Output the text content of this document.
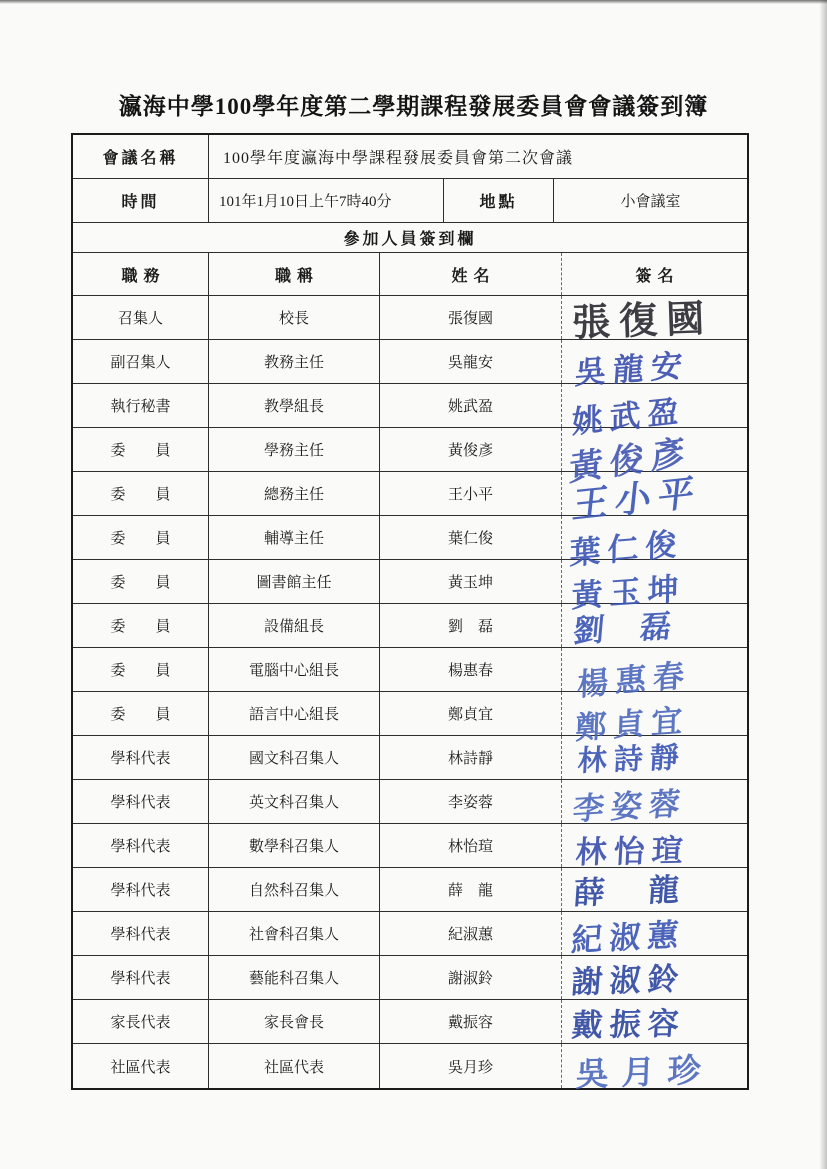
瀛海中學100學年度第二學期課程發展委員會會議簽到簿
會議名稱	100學年度瀛海中學課程發展委員會第二次會議
時間	101年1月10日上午7時40分	地點	小會議室
參加人員簽到欄
職務	職稱	姓名	簽名
召集人	校長	張復國	張復國
副召集人	教務主任	吳龍安	吳龍安
執行秘書	教學組長	姚武盈	姚武盈
委　　員	學務主任	黃俊彥	黃俊彥
委　　員	總務主任	王小平	王小平
委　　員	輔導主任	葉仁俊	葉仁俊
委　　員	圖書館主任	黃玉坤	黃玉坤
委　　員	設備組長	劉　磊	劉 磊
委　　員	電腦中心組長	楊惠春	楊惠春
委　　員	語言中心組長	鄭貞宜	鄭貞宜
學科代表	國文科召集人	林詩靜	林詩靜
學科代表	英文科召集人	李姿蓉	李姿蓉
學科代表	數學科召集人	林怡瑄	林怡瑄
學科代表	自然科召集人	薛　龍	薛 龍
學科代表	社會科召集人	紀淑蕙	紀淑蕙
學科代表	藝能科召集人	謝淑鈴	謝淑鈴
家長代表	家長會長	戴振容	戴振容
社區代表	社區代表	吳月珍	吳月珍
